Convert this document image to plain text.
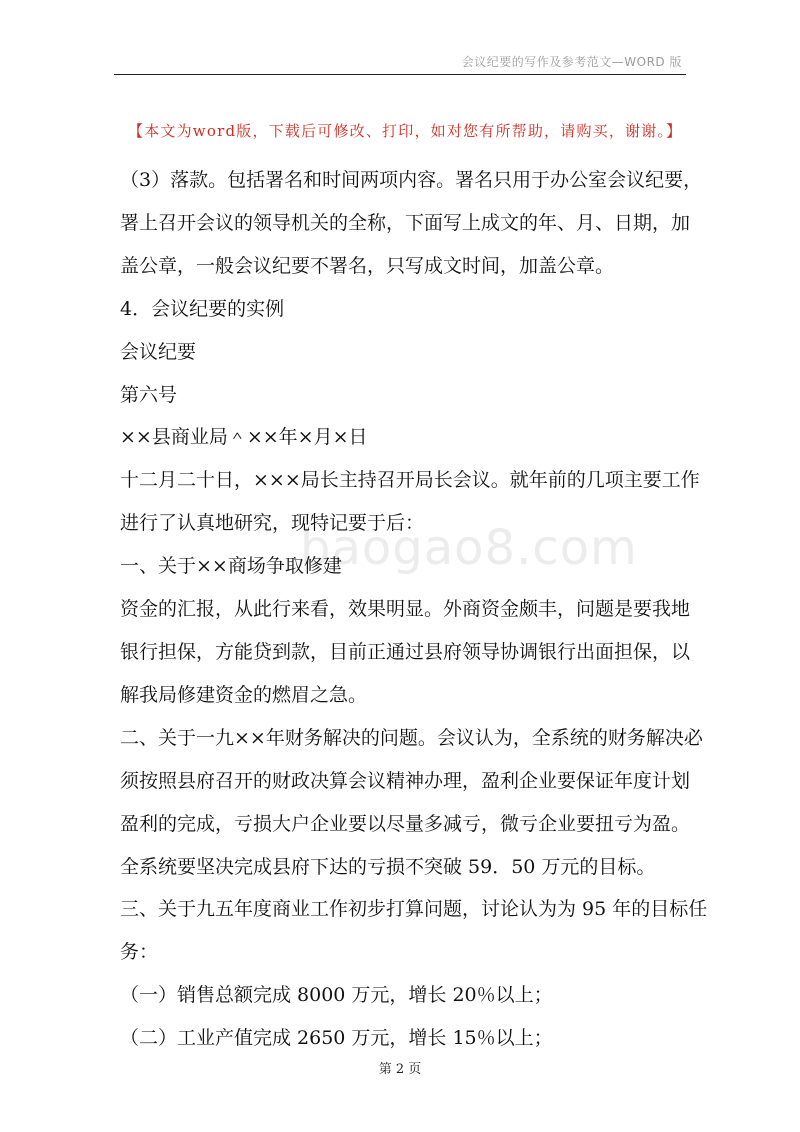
会议纪要的写作及参考范文—WORD 版
【本文为word版，下载后可修改、打印，如对您有所帮助，请购买，谢谢。】
baogao8.com

（3）落款。包括署名和时间两项内容。署名只用于办公室会议纪要，

署上召开会议的领导机关的全称，下面写上成文的年、月、日期，加

盖公章，一般会议纪要不署名，只写成文时间，加盖公章。

4．会议纪要的实例

会议纪要

第六号

××县商业局＾××年×月×日

十二月二十日，×××局长主持召开局长会议。就年前的几项主要工作

进行了认真地研究，现特记要于后：

一、关于××商场争取修建

资金的汇报，从此行来看，效果明显。外商资金颇丰，问题是要我地

银行担保，方能贷到款，目前正通过县府领导协调银行出面担保，以

解我局修建资金的燃眉之急。

二、关于一九××年财务解决的问题。会议认为，全系统的财务解决必

须按照县府召开的财政决算会议精神办理，盈利企业要保证年度计划

盈利的完成，亏损大户企业要以尽量多减亏，微亏企业要扭亏为盈。

全系统要坚决完成县府下达的亏损不突破 59．50 万元的目标。

三、关于九五年度商业工作初步打算问题，讨论认为为 95 年的目标任

务：

（一）销售总额完成 8000 万元，增长 20％以上；

（二）工业产值完成 2650 万元，增长 15％以上；

第 2 页
